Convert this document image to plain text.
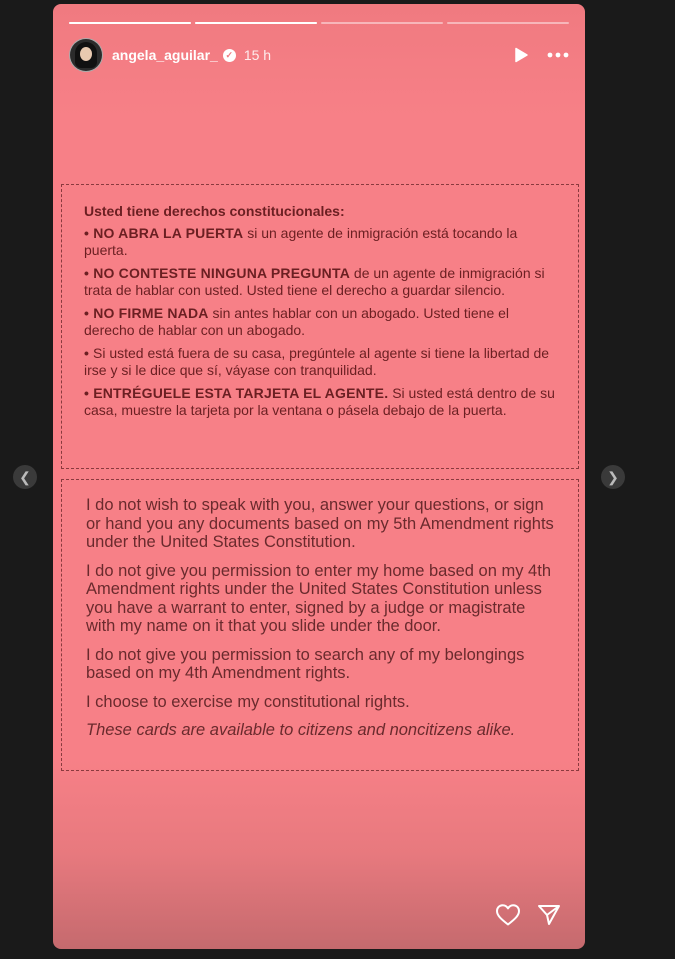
❮	❯
angela_aguilar_ ✓ 15 h
Usted tiene derechos constitucionales:

• NO ABRA LA PUERTA si un agente de inmigración está tocando la puerta.

• NO CONTESTE NINGUNA PREGUNTA de un agente de inmigración si trata de hablar con usted. Usted tiene el derecho a guardar silencio.

• NO FIRME NADA sin antes hablar con un abogado. Usted tiene el derecho de hablar con un abogado.

• Si usted está fuera de su casa, pregúntele al agente si tiene la libertad de irse y si le dice que sí, váyase con tranquilidad.

• ENTRÉGUELE ESTA TARJETA EL AGENTE. Si usted está dentro de su casa, muestre la tarjeta por la ventana o pásela debajo de la puerta.

I do not wish to speak with you, answer your questions, or sign or hand you any documents based on my 5th Amendment rights under the United States Constitution.

I do not give you permission to enter my home based on my 4th Amendment rights under the United States Constitution unless you have a warrant to enter, signed by a judge or magistrate with my name on it that you slide under the door.

I do not give you permission to search any of my belongings based on my 4th Amendment rights.

I choose to exercise my constitutional rights.

These cards are available to citizens and noncitizens alike.
